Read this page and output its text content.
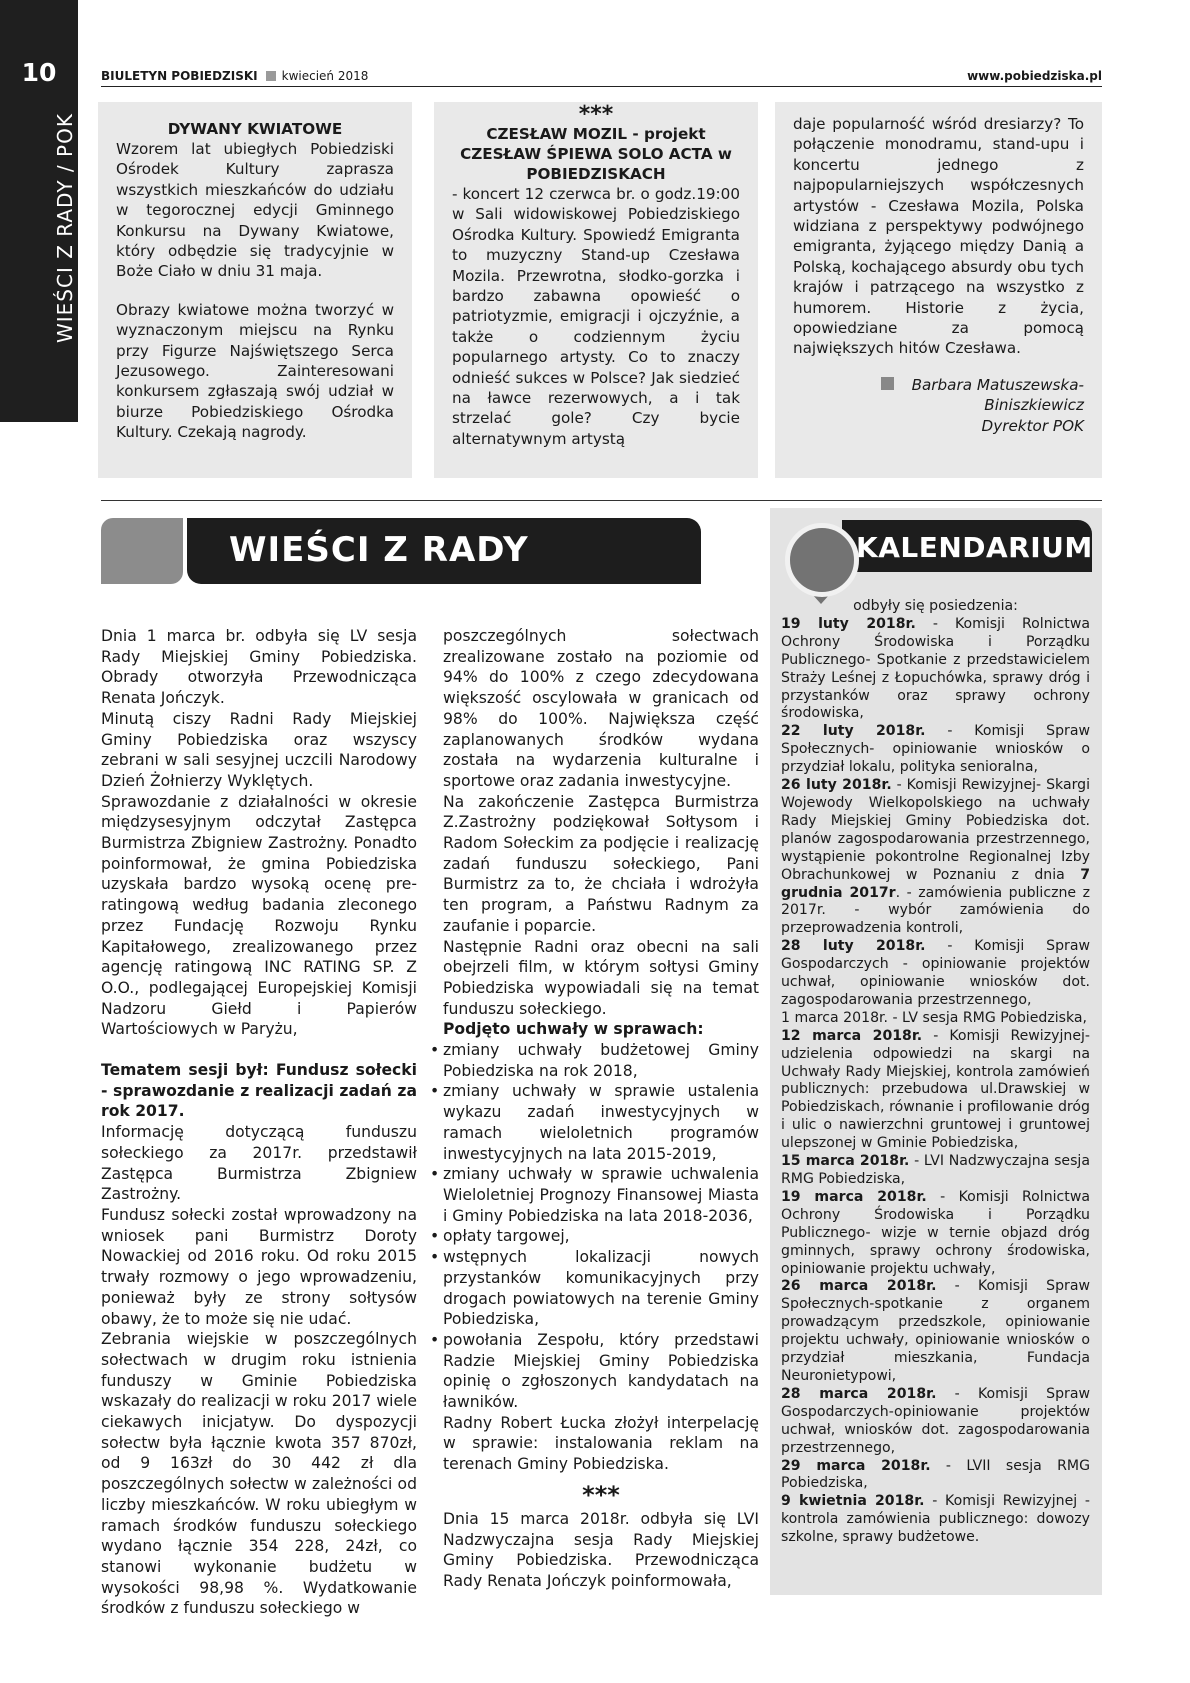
10
WIEŚCI Z RADY / POK
BIULETYN POBIEDZISKI kwiecień 2018	www.pobiedziska.pl
DYWANY KWIATOWE

Wzorem lat ubiegłych Pobiedziski Ośrodek Kultury zaprasza wszystkich mieszkańców do udziału w tegorocznej edycji Gminnego Konkursu na Dywany Kwiatowe, który odbędzie się tradycyjnie w Boże Ciało w dniu 31 maja.

Obrazy kwiatowe można tworzyć w wyznaczonym miejscu na Rynku przy Figurze Najświętszego Serca Jezusowego. Zainteresowani konkursem zgłaszają swój udział w biurze Pobiedziskiego Ośrodka Kultury. Czekają nagrody.

***
CZESŁAW MOZIL - projekt CZESŁAW ŚPIEWA SOLO ACTA w POBIEDZISKACH
- koncert 12 czerwca br. o godz.19:00 w Sali widowiskowej Pobiedziskiego Ośrodka Kultury. Spowiedź Emigranta to muzyczny Stand-up Czesława Mozila. Przewrotna, słodko-gorzka i bardzo zabawna opowieść o patriotyzmie, emigracji i ojczyźnie, a także o codziennym życiu popularnego artysty. Co to znaczy odnieść sukces w Polsce? Jak siedzieć na ławce rezerwowych, a i tak strzelać gole? Czy bycie alternatywnym artystą
daje popularność wśród dresiarzy? To połączenie monodramu, stand-upu i koncertu jednego z najpopularniejszych współczesnych artystów - Czesława Mozila, Polska widziana z perspektywy podwójnego emigranta, żyjącego między Danią a Polską, kochającego absurdy obu tych krajów i patrzącego na wszystko z humorem. Historie z życia, opowiedziane za pomocą największych hitów Czesława.
Barbara Matuszewska-
Biniszkiewicz
Dyrektor POK
WIEŚCI Z RADY	KALENDARIUM
odbyły się posiedzenia:
19 luty 2018r. - Komisji Rolnictwa Ochrony Środowiska i Porządku Publicznego- Spotkanie z przedstawicielem Straży Leśnej z Łopuchówka, sprawy dróg i przystanków oraz sprawy ochrony środowiska,
22 luty 2018r. - Komisji Spraw Społecznych- opiniowanie wniosków o przydział lokalu, polityka senioralna,
26 luty 2018r. - Komisji Rewizyjnej- Skargi Wojewody Wielkopolskiego na uchwały Rady Miejskiej Gminy Pobiedziska dot. planów zagospodarowania przestrzennego, wystąpienie pokontrolne Regionalnej Izby Obrachunkowej w Poznaniu z dnia 7 grudnia 2017r. - zamówienia publiczne z 2017r. - wybór zamówienia do przeprowadzenia kontroli,
28 luty 2018r. - Komisji Spraw Gospodarczych - opiniowanie projektów uchwał, opiniowanie wniosków dot. zagospodarowania przestrzennego,
1 marca 2018r. - LV sesja RMG Pobiedziska,
12 marca 2018r. - Komisji Rewizyjnej- udzielenia odpowiedzi na skargi na Uchwały Rady Miejskiej, kontrola zamówień publicznych: przebudowa ul.Drawskiej w Pobiedziskach, równanie i profilowanie dróg i ulic o nawierzchni gruntowej i gruntowej ulepszonej w Gminie Pobiedziska,
15 marca 2018r. - LVI Nadzwyczajna sesja RMG Pobiedziska,
19 marca 2018r. - Komisji Rolnictwa Ochrony Środowiska i Porządku Publicznego- wizje w ternie objazd dróg gminnych, sprawy ochrony środowiska, opiniowanie projektu uchwały,
26 marca 2018r. - Komisji Spraw Społecznych-spotkanie z organem prowadzącym przedszkole, opiniowanie projektu uchwały, opiniowanie wniosków o przydział mieszkania, Fundacja Neuronietypowi,
28 marca 2018r. - Komisji Spraw Gospodarczych-opiniowanie projektów uchwał, wniosków dot. zagospodarowania przestrzennego,
29 marca 2018r. - LVII sesja RMG Pobiedziska,
9 kwietnia 2018r. - Komisji Rewizyjnej - kontrola zamówienia publicznego: dowozy szkolne, sprawy budżetowe.
Dnia 1 marca br. odbyła się LV sesja Rady Miejskiej Gminy Pobiedziska. Obrady otworzyła Przewodnicząca Renata Jończyk.
Minutą ciszy Radni Rady Miejskiej Gminy Pobiedziska oraz wszyscy zebrani w sali sesyjnej uczcili Narodowy Dzień Żołnierzy Wyklętych.
Sprawozdanie z działalności w okresie międzysesyjnym odczytał Zastępca Burmistrza Zbigniew Zastrożny. Ponadto poinformował, że gmina Pobiedziska uzyskała bardzo wysoką ocenę pre-ratingową według badania zleconego przez Fundację Rozwoju Rynku Kapitałowego, zrealizowanego przez agencję ratingową INC RATING SP. Z O.O., podlegającej Europejskiej Komisji Nadzoru Giełd i Papierów Wartościowych w Paryżu,
Tematem sesji był: Fundusz sołecki - sprawozdanie z realizacji zadań za rok 2017.
Informację dotyczącą funduszu sołeckiego za 2017r. przedstawił Zastępca Burmistrza Zbigniew Zastrożny.
Fundusz sołecki został wprowadzony na wniosek pani Burmistrz Doroty Nowackiej od 2016 roku. Od roku 2015 trwały rozmowy o jego wprowadzeniu, ponieważ były ze strony sołtysów obawy, że to może się nie udać.
Zebrania wiejskie w poszczególnych sołectwach w drugim roku istnienia funduszy w Gminie Pobiedziska wskazały do realizacji w roku 2017 wiele ciekawych inicjatyw. Do dyspozycji sołectw była łącznie kwota 357 870zł, od 9 163zł do 30 442 zł dla poszczególnych sołectw w zależności od liczby mieszkańców. W roku ubiegłym w ramach środków funduszu sołeckiego wydano łącznie 354 228, 24zł, co stanowi wykonanie budżetu w wysokości 98,98 %. Wydatkowanie środków z funduszu sołeckiego w
poszczególnych sołectwach zrealizowane zostało na poziomie od 94% do 100% z czego zdecydowana większość oscylowała w granicach od 98% do 100%. Największa część zaplanowanych środków wydana została na wydarzenia kulturalne i sportowe oraz zadania inwestycyjne.
Na zakończenie Zastępca Burmistrza Z.Zastrożny podziękował Sołtysom i Radom Sołeckim za podjęcie i realizację zadań funduszu sołeckiego, Pani Burmistrz za to, że chciała i wdrożyła ten program, a Państwu Radnym za zaufanie i poparcie.
Następnie Radni oraz obecni na sali obejrzeli film, w którym sołtysi Gminy Pobiedziska wypowiadali się na temat funduszu sołeckiego.
Podjęto uchwały w sprawach:
• zmiany uchwały budżetowej Gminy Pobiedziska na rok 2018,
• zmiany uchwały w sprawie ustalenia wykazu zadań inwestycyjnych w ramach wieloletnich programów inwestycyjnych na lata 2015-2019,
• zmiany uchwały w sprawie uchwalenia Wieloletniej Prognozy Finansowej Miasta i Gminy Pobiedziska na lata 2018-2036,
• opłaty targowej,
• wstępnych lokalizacji nowych przystanków komunikacyjnych przy drogach powiatowych na terenie Gminy Pobiedziska,
• powołania Zespołu, który przedstawi Radzie Miejskiej Gminy Pobiedziska opinię o zgłoszonych kandydatach na ławników.
Radny Robert Łucka złożył interpelację w sprawie: instalowania reklam na terenach Gminy Pobiedziska.
***
Dnia 15 marca 2018r. odbyła się LVI Nadzwyczajna sesja Rady Miejskiej Gminy Pobiedziska. Przewodnicząca Rady Renata Jończyk poinformowała,
